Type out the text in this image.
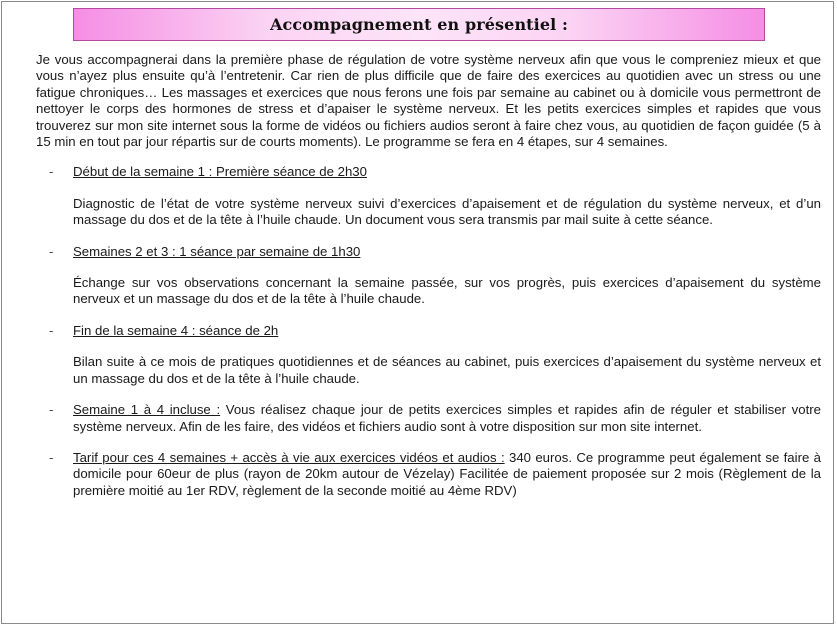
Accompagnement en présentiel :

Je vous accompagnerai dans la première phase de régulation de votre système nerveux afin que vous le compreniez mieux et que vous n’ayez plus ensuite qu’à l’entretenir. Car rien de plus difficile que de faire des exercices au quotidien avec un stress ou une fatigue chroniques… Les massages et exercices que nous ferons une fois par semaine au cabinet ou à domicile vous permettront de nettoyer le corps des hormones de stress et d’apaiser le système nerveux. Et les petits exercices simples et rapides que vous trouverez sur mon site internet sous la forme de vidéos ou fichiers audios seront à faire chez vous, au quotidien de façon guidée (5 à 15 min en tout par jour répartis sur de courts moments). Le programme se fera en 4 étapes, sur 4 semaines.

- Début de la semaine 1 : Première séance de 2h30

Diagnostic de l’état de votre système nerveux suivi d’exercices d’apaisement et de régulation du système nerveux, et d’un massage du dos et de la tête à l’huile chaude. Un document vous sera transmis par mail suite à cette séance.

- Semaines 2 et 3 : 1 séance par semaine de 1h30

Échange sur vos observations concernant la semaine passée, sur vos progrès, puis exercices d’apaisement du système nerveux et un massage du dos et de la tête à l’huile chaude.

- Fin de la semaine 4 : séance de 2h

Bilan suite à ce mois de pratiques quotidiennes et de séances au cabinet, puis exercices d’apaisement du système nerveux et un massage du dos et de la tête à l’huile chaude.

- Semaine 1 à 4 incluse : Vous réalisez chaque jour de petits exercices simples et rapides afin de réguler et stabiliser votre système nerveux. Afin de les faire, des vidéos et fichiers audio sont à votre disposition sur mon site internet.

- Tarif pour ces 4 semaines + accès à vie aux exercices vidéos et audios : 340 euros. Ce programme peut également se faire à domicile pour 60eur de plus (rayon de 20km autour de Vézelay) Facilitée de paiement proposée sur 2 mois (Règlement de la première moitié au 1er RDV, règlement de la seconde moitié au 4ème RDV)
